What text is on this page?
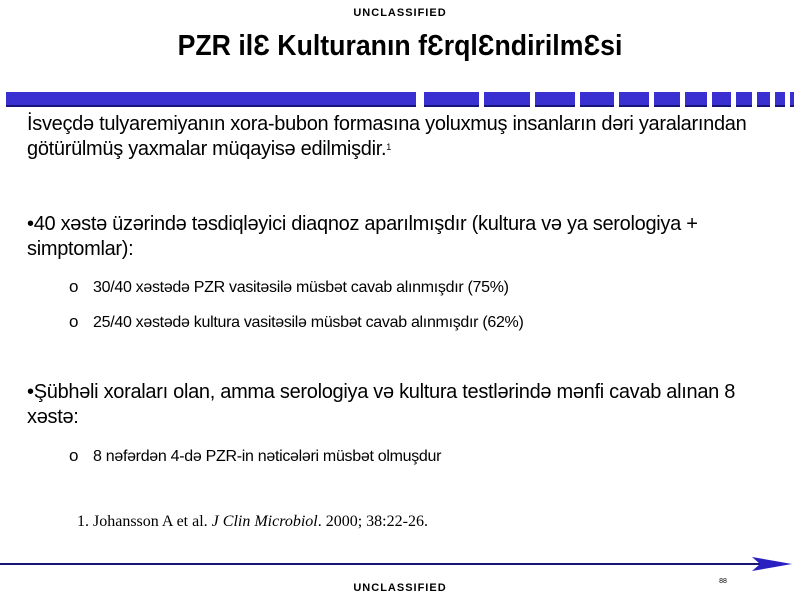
UNCLASSIFIED
PZR ilƐ Kulturanın fƐrqlƐndirilmƐsi
İsveçdə tulyaremiyanın xora-bubon formasına yoluxmuş insanların dəri yaralarından götürülmüş yaxmalar müqayisə edilmişdir.$^1$
•40 xəstə üzərində təsdiqləyici diaqnoz aparılmışdır (kultura və ya serologiya + simptomlar):
o 30/40 xəstədə PZR vasitəsilə müsbət cavab alınmışdır (75%)
o 25/40 xəstədə kultura vasitəsilə müsbət cavab alınmışdır (62%)
•Şübhəli xoraları olan, amma serologiya və kultura testlərində mənfi cavab alınan 8 xəstə:
o 8 nəfərdən 4-də PZR-in nəticələri müsbət olmuşdur
1. Johansson A et al. J Clin Microbiol. 2000; 38:22-26.
88
UNCLASSIFIED
